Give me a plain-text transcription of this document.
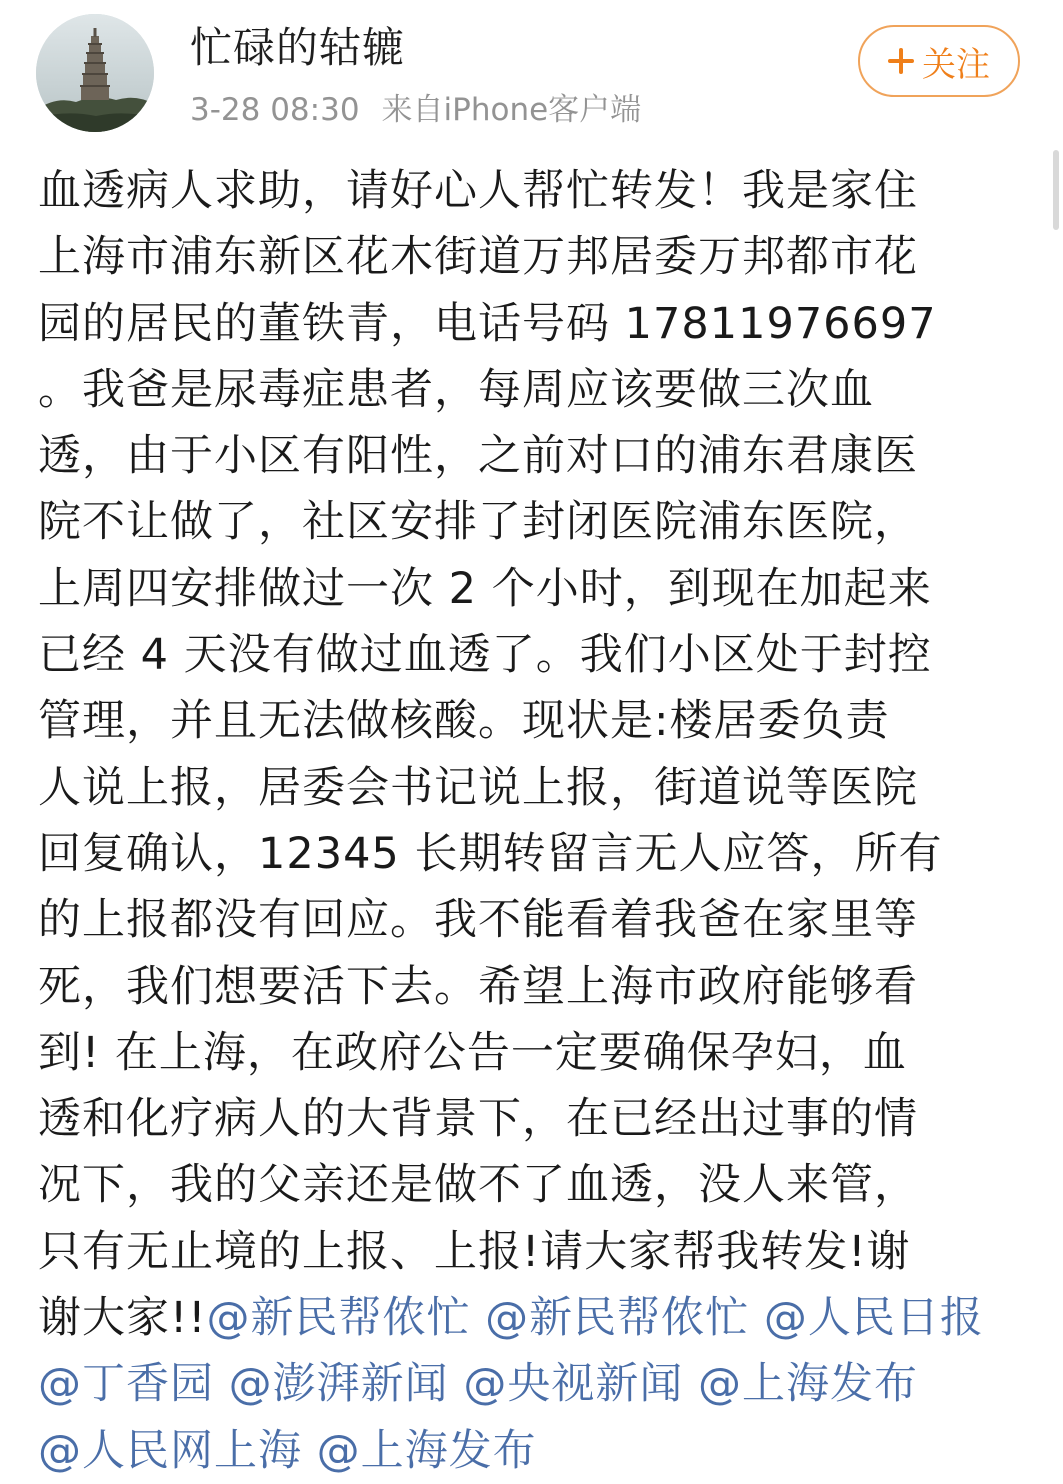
忙碌的轱辘
3-28 08:30 来自iPhone客户端
关注
血透病人求助，请好心人帮忙转发！我是家住
上海市浦东新区花木街道万邦居委万邦都市花
园的居民的董铁青，电话号码 17811976697
。我爸是尿毒症患者，每周应该要做三次血
透，由于小区有阳性，之前对口的浦东君康医
院不让做了，社区安排了封闭医院浦东医院，
上周四安排做过一次 2 个小时，到现在加起来
已经 4 天没有做过血透了。我们小区处于封控
管理，并且无法做核酸。现状是:楼居委负责
人说上报，居委会书记说上报，街道说等医院
回复确认，12345 长期转留言无人应答，所有
的上报都没有回应。我不能看着我爸在家里等
死，我们想要活下去。希望上海市政府能够看
到! 在上海，在政府公告一定要确保孕妇，血
透和化疗病人的大背景下，在已经出过事的情
况下，我的父亲还是做不了血透，没人来管，
只有无止境的上报、上报!请大家帮我转发!谢
谢大家!!@新民帮侬忙 @新民帮侬忙 @人民日报
@丁香园 @澎湃新闻 @央视新闻 @上海发布
@人民网上海 @上海发布
